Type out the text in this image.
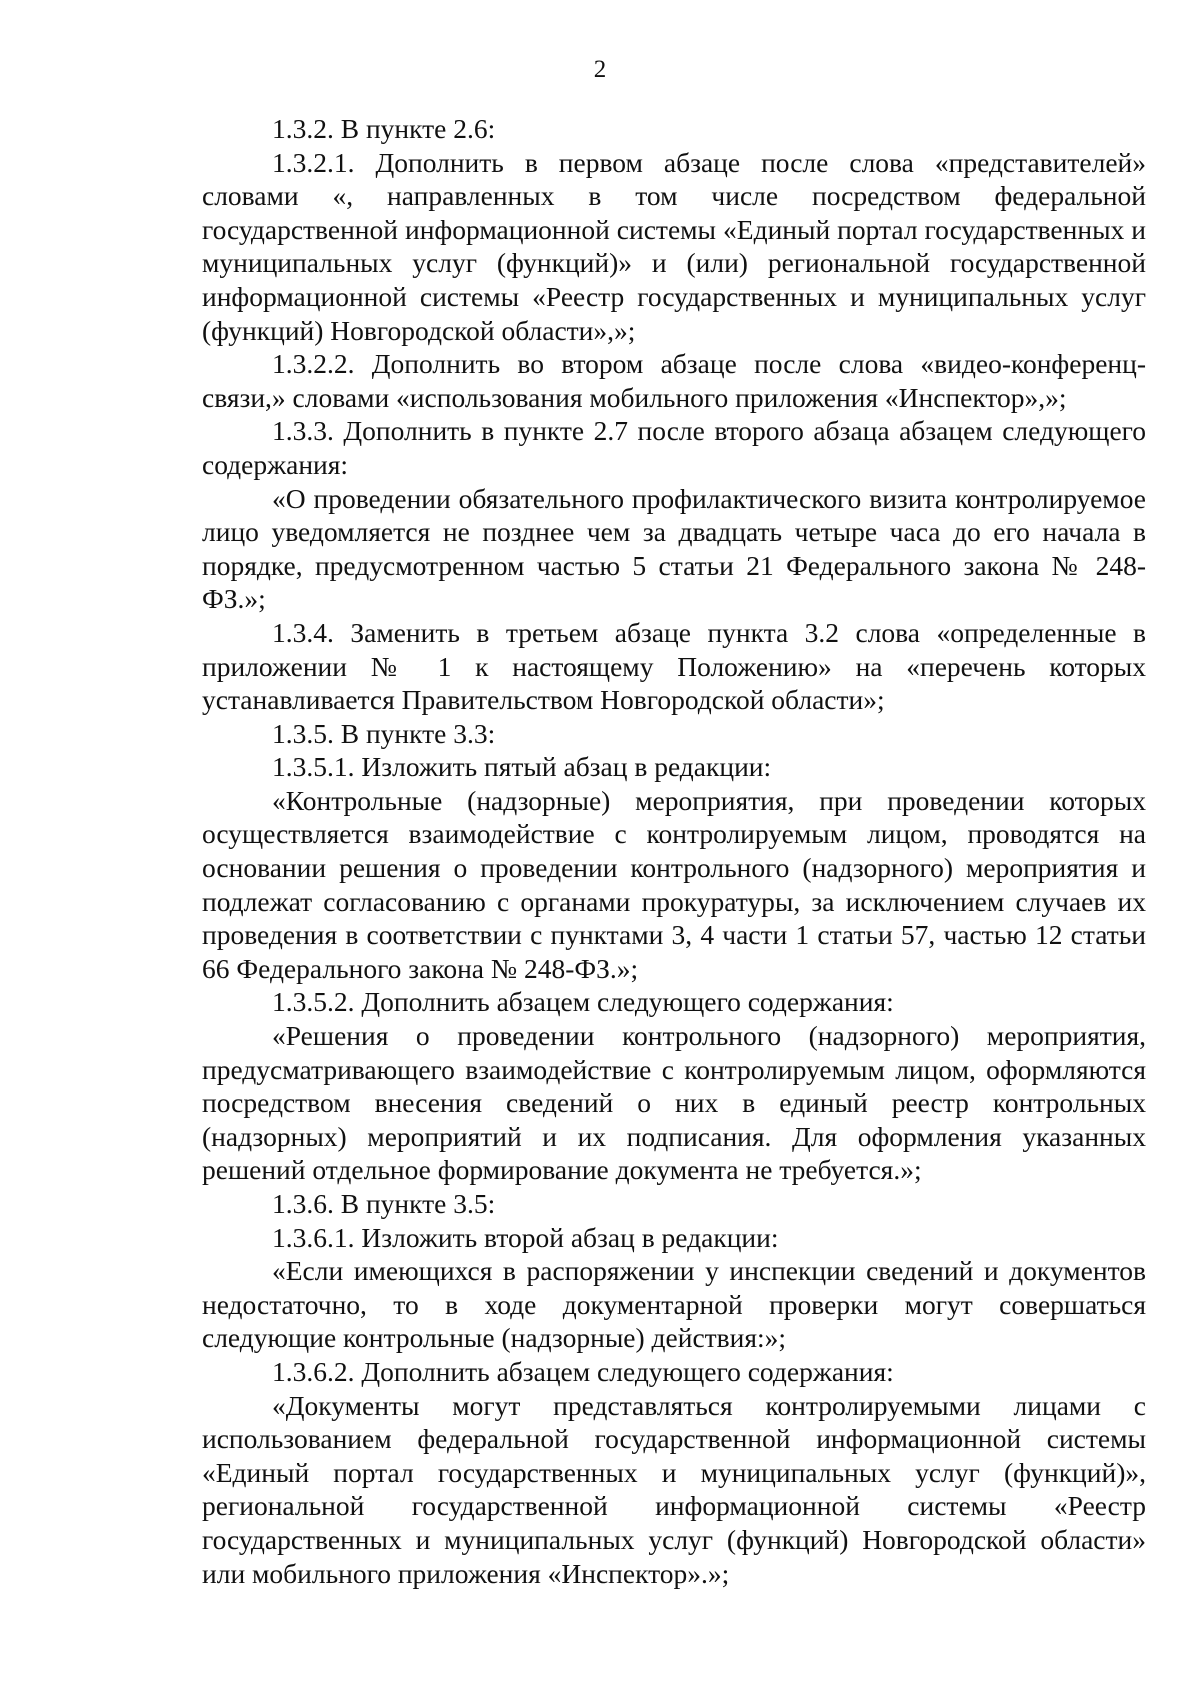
2

1.3.2. В пункте 2.6:

1.3.2.1. Дополнить в первом абзаце после слова «представителей» словами «, направленных в том числе посредством федеральной государственной информационной системы «Единый портал государственных и муниципальных услуг (функций)» и (или) региональной государственной информационной системы «Реестр государственных и муниципальных услуг (функций) Новгородской области»,»;

1.3.2.2. Дополнить во втором абзаце после слова «видео-конференц-связи,» словами «использования мобильного приложения «Инспектор»,»;

1.3.3. Дополнить в пункте 2.7 после второго абзаца абзацем следующего содержания:

«О проведении обязательного профилактического визита контролируемое лицо уведомляется не позднее чем за двадцать четыре часа до его начала в порядке, предусмотренном частью 5 статьи 21 Федерального закона № 248-ФЗ.»;

1.3.4. Заменить в третьем абзаце пункта 3.2 слова «определенные в приложении № 1 к настоящему Положению» на «перечень которых устанавливается Правительством Новгородской области»;

1.3.5. В пункте 3.3:

1.3.5.1. Изложить пятый абзац в редакции:

«Контрольные (надзорные) мероприятия, при проведении которых осуществляется взаимодействие с контролируемым лицом, проводятся на основании решения о проведении контрольного (надзорного) мероприятия и подлежат согласованию с органами прокуратуры, за исключением случаев их проведения в соответствии с пунктами 3, 4 части 1 статьи 57, частью 12 статьи 66 Федерального закона № 248-ФЗ.»;

1.3.5.2. Дополнить абзацем следующего содержания:

«Решения о проведении контрольного (надзорного) мероприятия, предусматривающего взаимодействие с контролируемым лицом, оформляются посредством внесения сведений о них в единый реестр контрольных (надзорных) мероприятий и их подписания. Для оформления указанных решений отдельное формирование документа не требуется.»;

1.3.6. В пункте 3.5:

1.3.6.1. Изложить второй абзац в редакции:

«Если имеющихся в распоряжении у инспекции сведений и документов недостаточно, то в ходе документарной проверки могут совершаться следующие контрольные (надзорные) действия:»;

1.3.6.2. Дополнить абзацем следующего содержания:

«Документы могут представляться контролируемыми лицами с использованием федеральной государственной информационной системы «Единый портал государственных и муниципальных услуг (функций)», региональной государственной информационной системы «Реестр государственных и муниципальных услуг (функций) Новгородской области» или мобильного приложения «Инспектор».»;
